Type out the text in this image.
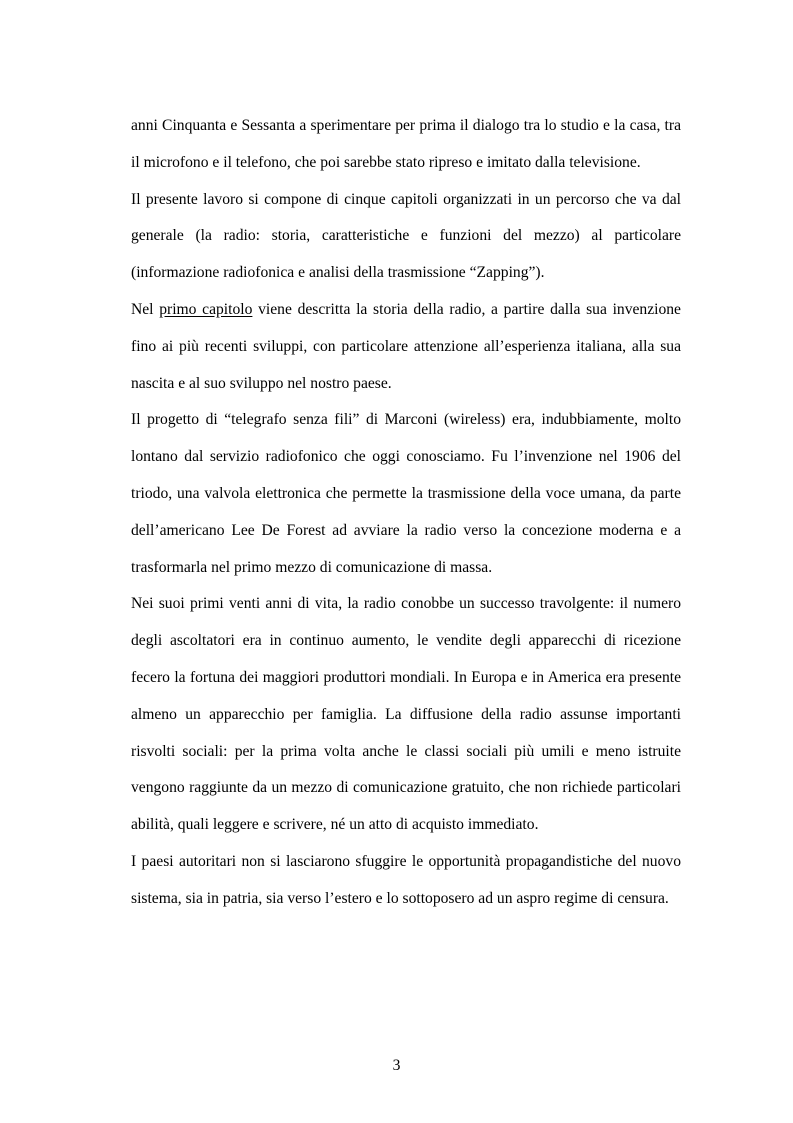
anni Cinquanta e Sessanta a sperimentare per prima il dialogo tra lo studio e la casa, tra il microfono e il telefono, che poi sarebbe stato ripreso e imitato dalla televisione.

Il presente lavoro si compone di cinque capitoli organizzati in un percorso che va dal generale (la radio: storia, caratteristiche e funzioni del mezzo) al particolare (informazione radiofonica e analisi della trasmissione “Zapping”).

Nel primo capitolo viene descritta la storia della radio, a partire dalla sua invenzione fino ai più recenti sviluppi, con particolare attenzione all’esperienza italiana, alla sua nascita e al suo sviluppo nel nostro paese.

Il progetto di “telegrafo senza fili” di Marconi (wireless) era, indubbiamente, molto lontano dal servizio radiofonico che oggi conosciamo. Fu l’invenzione nel 1906 del triodo, una valvola elettronica che permette la trasmissione della voce umana, da parte dell’americano Lee De Forest ad avviare la radio verso la concezione moderna e a trasformarla nel primo mezzo di comunicazione di massa.

Nei suoi primi venti anni di vita, la radio conobbe un successo travolgente: il numero degli ascoltatori era in continuo aumento, le vendite degli apparecchi di ricezione fecero la fortuna dei maggiori produttori mondiali. In Europa e in America era presente almeno un apparecchio per famiglia. La diffusione della radio assunse importanti risvolti sociali: per la prima volta anche le classi sociali più umili e meno istruite vengono raggiunte da un mezzo di comunicazione gratuito, che non richiede particolari abilità, quali leggere e scrivere, né un atto di acquisto immediato.

I paesi autoritari non si lasciarono sfuggire le opportunità propagandistiche del nuovo sistema, sia in patria, sia verso l’estero e lo sottoposero ad un aspro regime di censura.

3
